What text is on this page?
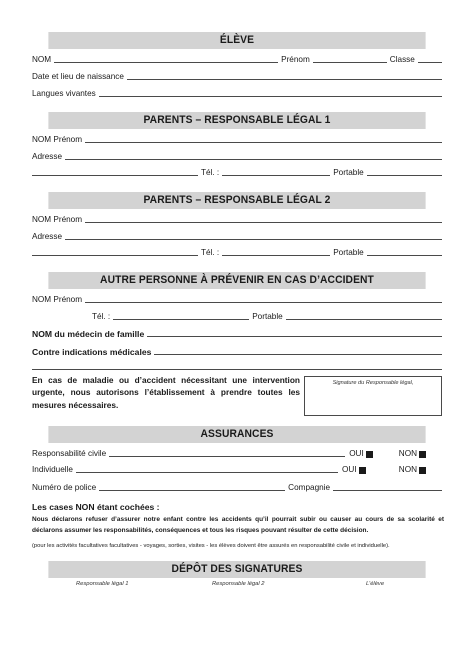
ÉLÈVE
NOM	Prénom	Classe
Date et lieu de naissance
Langues vivantes
PARENTS – RESPONSABLE LÉGAL 1
NOM Prénom
Adresse
Tél. :	Portable
PARENTS – RESPONSABLE LÉGAL 2
NOM Prénom
Adresse
Tél. :	Portable
AUTRE PERSONNE À PRÉVENIR EN CAS D’ACCIDENT
NOM Prénom
Tél. :	Portable
NOM du médecin de famille
Contre indications médicales
En cas de maladie ou d’accident nécessitant une intervention urgente, nous autorisons l’établissement à prendre toutes les mesures nécessaires.
Signature du Responsable légal,
ASSURANCES
Responsabilité civile	OUI	NON
Individuelle	OUI	NON
Numéro de police	Compagnie
Les cases NON étant cochées :
Nous déclarons refuser d’assurer notre enfant contre les accidents qu’il pourrait subir ou causer au cours de sa scolarité et déclarons assumer les responsabilités, conséquences et tous les risques pouvant résulter de cette décision.
(pour les activités facultatives facultatives - voyages, sorties, visites - les élèves doivent être assurés en responsabilité civile et individuelle).
DÉPÔT DES SIGNATURES
Responsable légal 1	Responsable légal 2	L’élève
